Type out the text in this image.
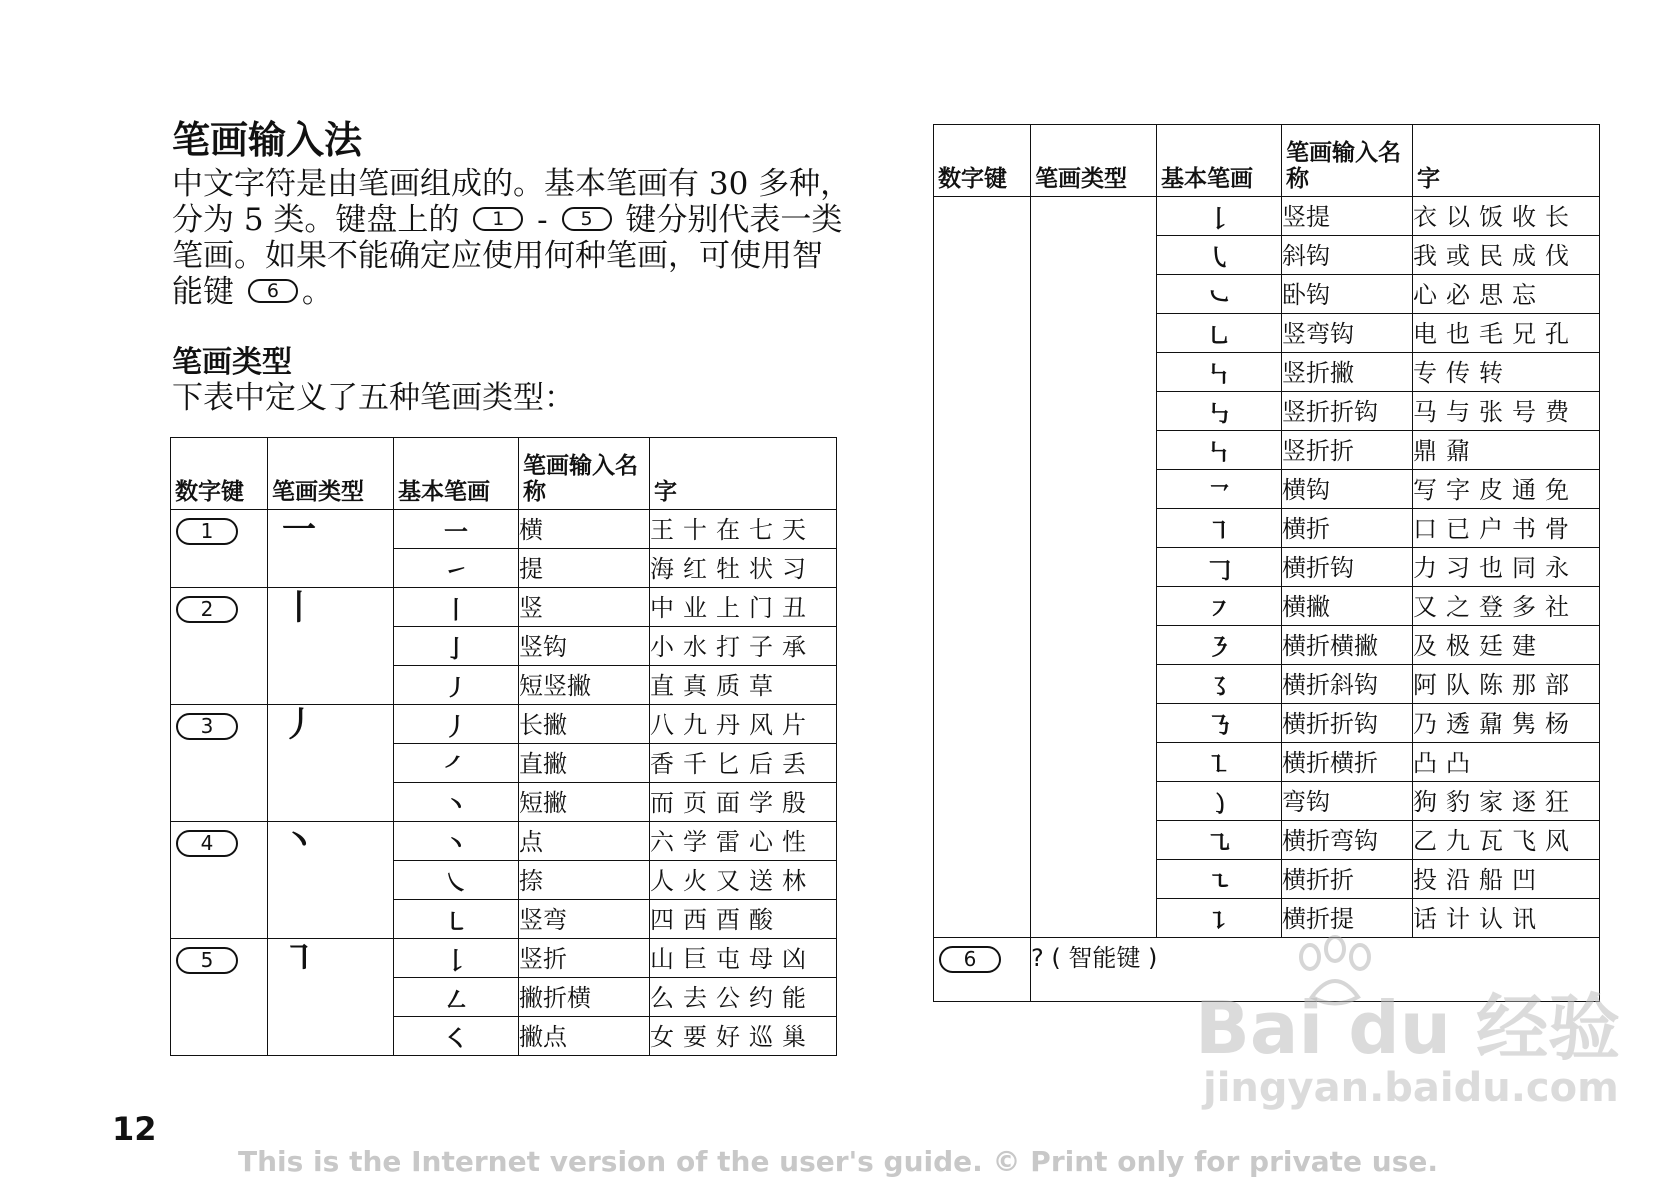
笔画输入法
中文字符是由笔画组成的。基本笔画有 30 多种，分为 5 类。键盘上的 1 - 5 键分别代表一类笔画。如果不能确定应使用何种笔画，可使用智能键 6 。
笔画类型
下表中定义了五种笔画类型：
数字键	笔画类型	基本笔画	笔画输入名称	字
1	一	一	横	王十在七天
		㇀	提	海红牡状习
2	丨	丨	竖	中业上门丑
		亅	竖钩	小水打子承
		㇓	短竖撇	直真质草
3	丿	丿	长撇	八九丹风片
		㇒	直撇	香千匕后丢
		丶	短撇	而页面学殷
4	丶	丶	点	六学雷心性
		㇏	捺	人火又送林
		㇄	竖弯	四西酉酸
5	㇕	𠄌	竖折	山巨屯母凶
		㇜	撇折横	么去公约能
		㇛	撇点	女要好巡巢
数字键	笔画类型	基本笔画	笔画输入名称	字
		𠄌	竖提	衣以饭收长
		㇂	斜钩	我或民成伐
		㇃	卧钩	心必思忘
		㇟	竖弯钩	电也毛兄孔
		㇞	竖折撇	专传转
		㇉	竖折折钩	马与张号费
		㇞	竖折折	鼎鼐
		㇖	横钩	写字皮通免
		㇕	横折	口已户书骨
		𠃌	横折钩	力习也同永
		㇇	横撇	又之登多社
		㇋	横折横撇	及极廷建
		㇌	横折斜钩	阿队陈那部
		㇡	横折折钩	乃透鼐隽杨
		㇅	横折横折	凸凸
		㇁	弯钩	狗豹家逐狂
		㇈	横折弯钩	乙九瓦飞风
		㇍	横折折	投沿船凹
		㇊	横折提	话计认讯
6	? ( 智能键 )			
12
This is the Internet version of the user's guide. © Print only for private use.
Bai du 经验
jingyan.baidu.com
